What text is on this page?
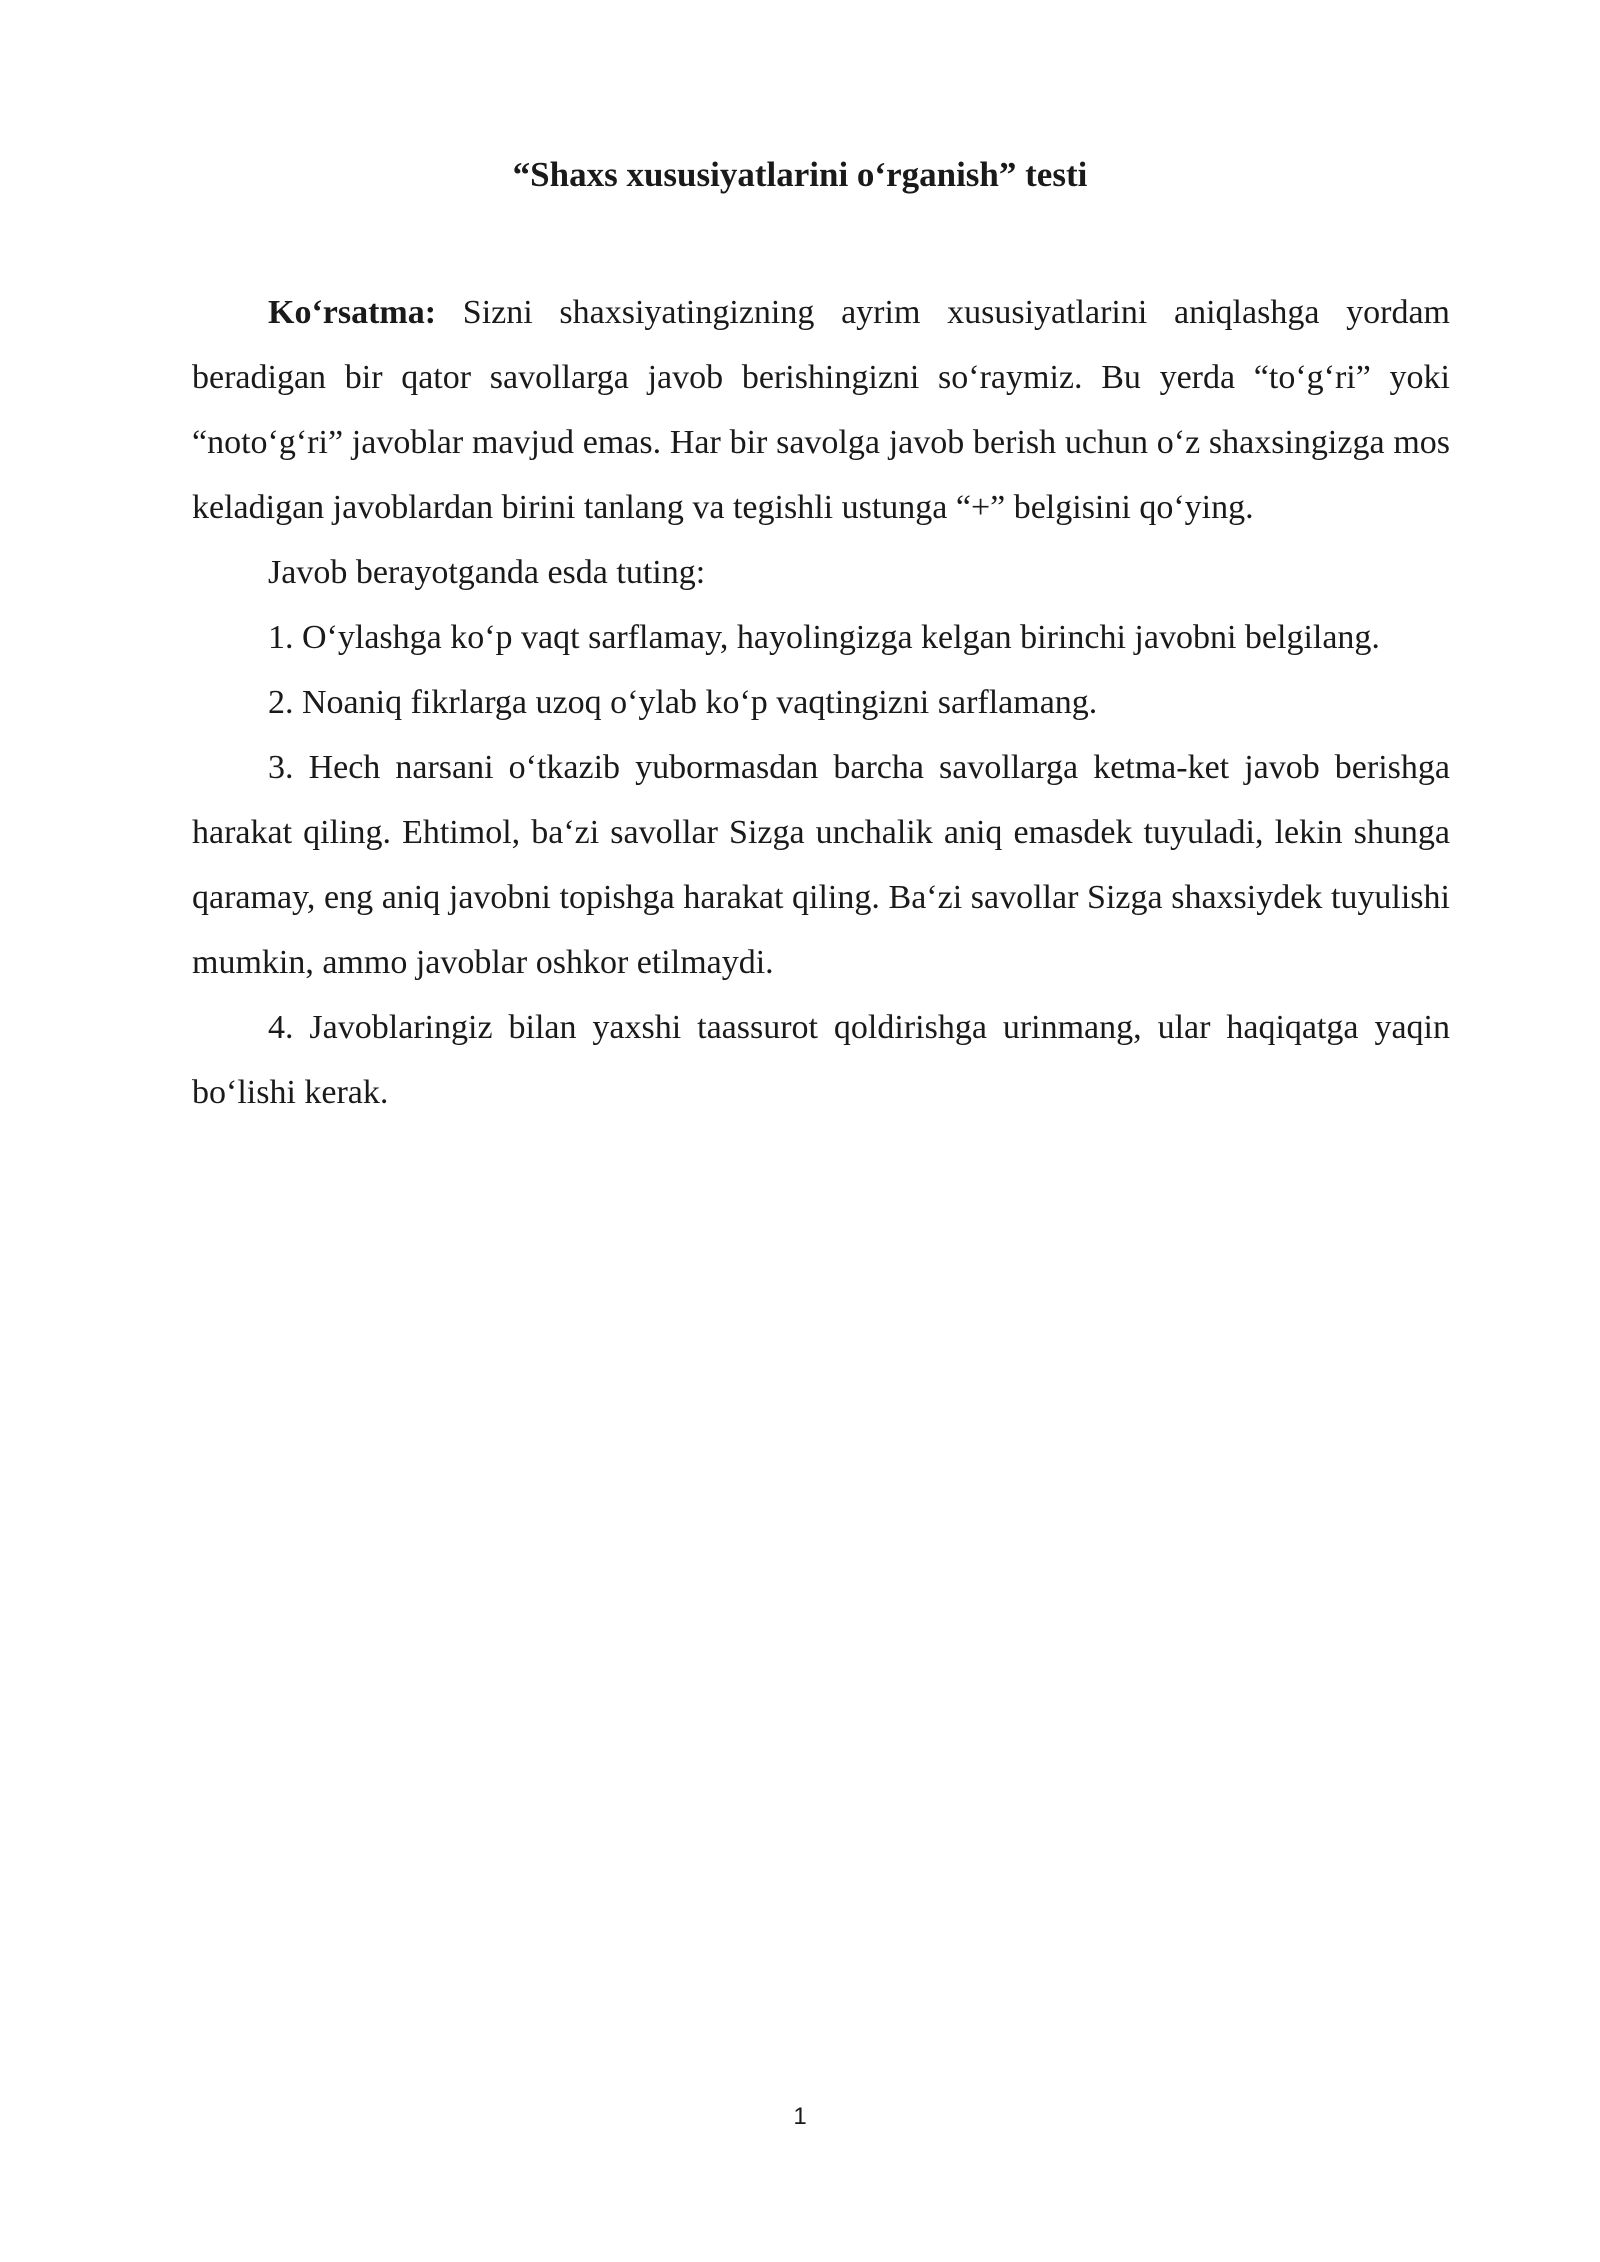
“Shaxs xususiyatlarini o‘rganish” testi

Ko‘rsatma: Sizni shaxsiyatingizning ayrim xususiyatlarini aniqlashga yordam beradigan bir qator savollarga javob berishingizni so‘raymiz. Bu yerda “to‘g‘ri” yoki “noto‘g‘ri” javoblar mavjud emas. Har bir savolga javob berish uchun o‘z shaxsingizga mos keladigan javoblardan birini tanlang va tegishli ustunga “+” belgisini qo‘ying.

Javob berayotganda esda tuting:

1. O‘ylashga ko‘p vaqt sarflamay, hayolingizga kelgan birinchi javobni belgilang.

2. Noaniq fikrlarga uzoq o‘ylab ko‘p vaqtingizni sarflamang.

3. Hech narsani o‘tkazib yubormasdan barcha savollarga ketma-ket javob berishga harakat qiling. Ehtimol, ba‘zi savollar Sizga unchalik aniq emasdek tuyuladi, lekin shunga qaramay, eng aniq javobni topishga harakat qiling. Ba‘zi savollar Sizga shaxsiydek tuyulishi mumkin, ammo javoblar oshkor etilmaydi.

4. Javoblaringiz bilan yaxshi taassurot qoldirishga urinmang, ular haqiqatga yaqin bo‘lishi kerak.

1
